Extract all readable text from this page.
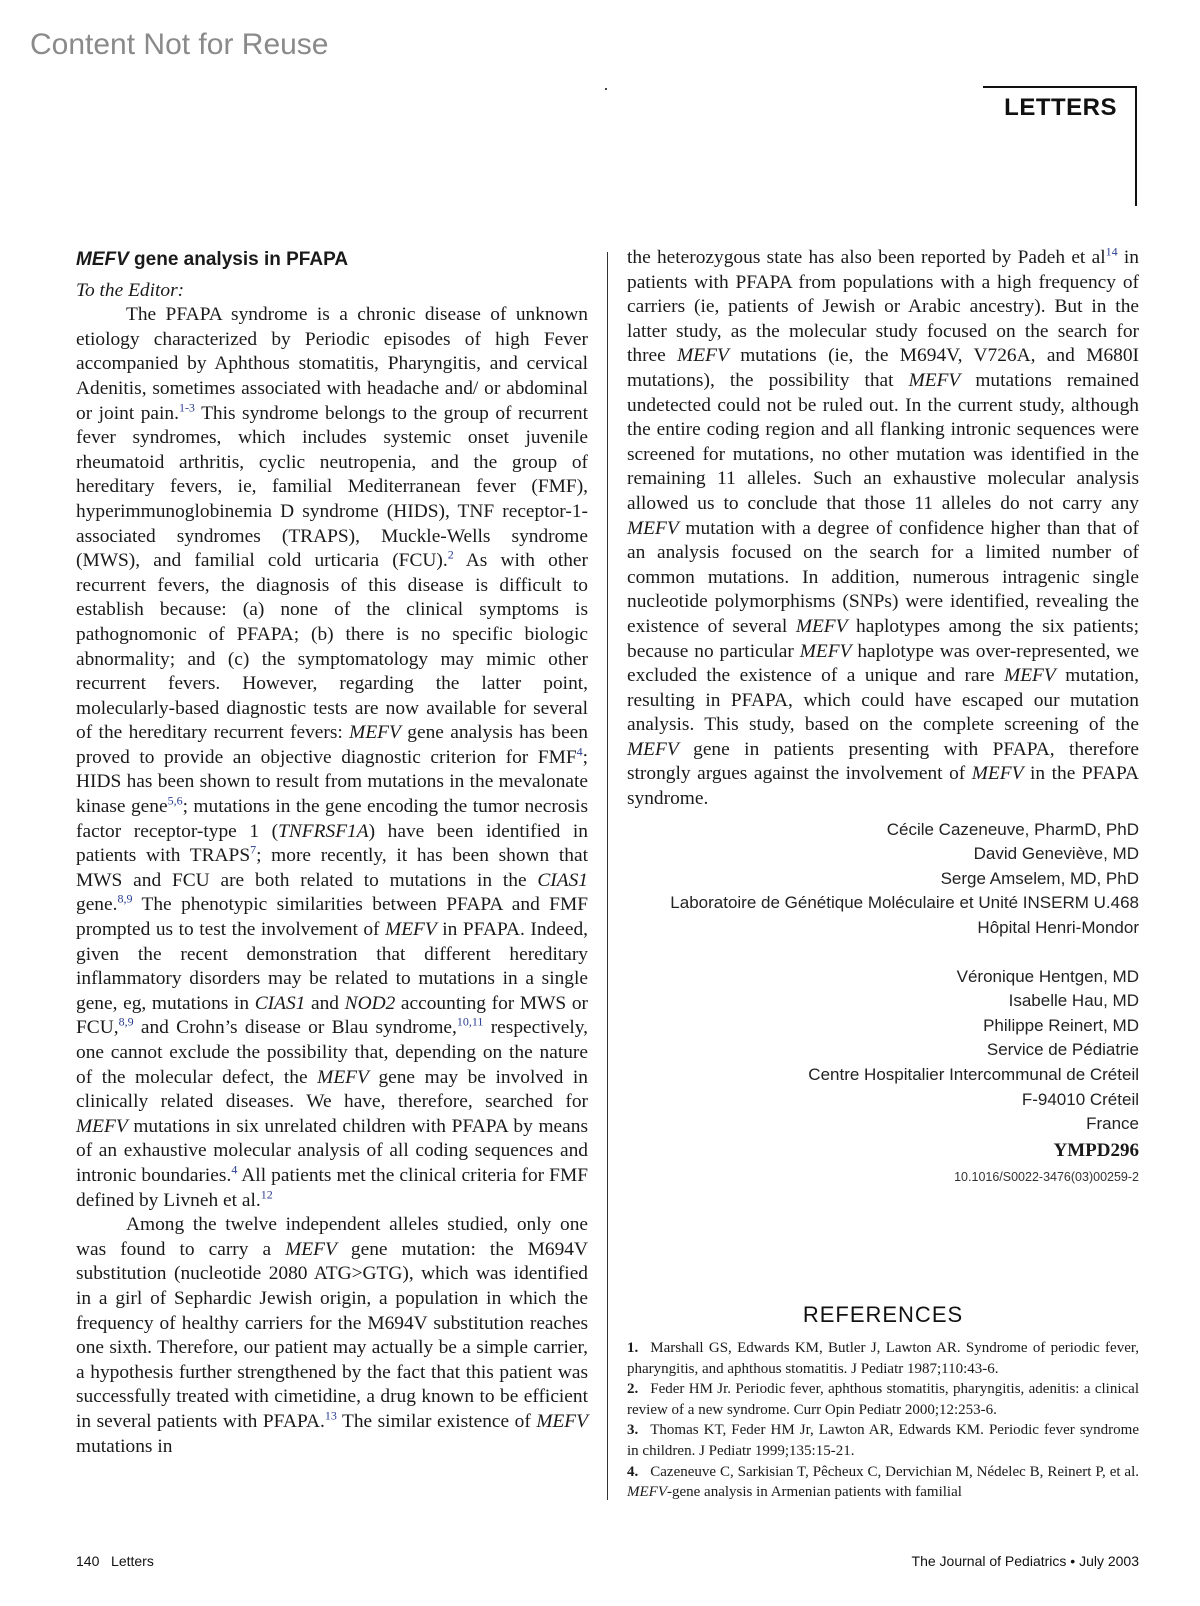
Content Not for Reuse
LETTERS
MEFV gene analysis in PFAPA

To the Editor:

The PFAPA syndrome is a chronic disease of unknown etiology characterized by Periodic episodes of high Fever accompanied by Aphthous stomatitis, Pharyngitis, and cervical Adenitis, sometimes associated with headache and/ or abdominal or joint pain.$^{1-3}$ This syndrome belongs to the group of recurrent fever syndromes, which includes systemic onset juvenile rheumatoid arthritis, cyclic neutropenia, and the group of hereditary fevers, ie, familial Mediterranean fever (FMF), hyperimmunoglobinemia D syndrome (HIDS), TNF receptor-1-associated syndromes (TRAPS), Muckle-Wells syndrome (MWS), and familial cold urticaria (FCU).$^2$ As with other recurrent fevers, the diagnosis of this disease is difficult to establish because: (a) none of the clinical symptoms is pathognomonic of PFAPA; (b) there is no specific biologic abnormality; and (c) the symptomatology may mimic other recurrent fevers. However, regarding the latter point, molecularly-based diagnostic tests are now available for several of the hereditary recurrent fevers: MEFV gene analysis has been proved to provide an objective diagnostic criterion for FMF$^4$; HIDS has been shown to result from mutations in the mevalonate kinase gene$^{5,6}$; mutations in the gene encoding the tumor necrosis factor receptor-type 1 (TNFRSF1A) have been identified in patients with TRAPS$^7$; more recently, it has been shown that MWS and FCU are both related to mutations in the CIAS1 gene.$^{8,9}$ The phenotypic similarities between PFAPA and FMF prompted us to test the involvement of MEFV in PFAPA. Indeed, given the recent demonstration that different hereditary inflammatory disorders may be related to mutations in a single gene, eg, mutations in CIAS1 and NOD2 accounting for MWS or FCU,$^{8,9}$ and Crohn’s disease or Blau syndrome,$^{10,11}$ respectively, one cannot exclude the possibility that, depending on the nature of the molecular defect, the MEFV gene may be involved in clinically related diseases. We have, therefore, searched for MEFV mutations in six unrelated children with PFAPA by means of an exhaustive molecular analysis of all coding sequences and intronic boundaries.$^4$ All patients met the clinical criteria for FMF defined by Livneh et al.$^{12}$

Among the twelve independent alleles studied, only one was found to carry a MEFV gene mutation: the M694V substitution (nucleotide 2080 ATG>GTG), which was identified in a girl of Sephardic Jewish origin, a population in which the frequency of healthy carriers for the M694V substitution reaches one sixth. Therefore, our patient may actually be a simple carrier, a hypothesis further strengthened by the fact that this patient was successfully treated with cimetidine, a drug known to be efficient in several patients with PFAPA.$^{13}$ The similar existence of MEFV mutations in

the heterozygous state has also been reported by Padeh et $al^{14}$ in patients with PFAPA from populations with a high frequency of carriers (ie, patients of Jewish or Arabic ancestry). But in the latter study, as the molecular study focused on the search for three MEFV mutations (ie, the M694V, V726A, and M680I mutations), the possibility that MEFV mutations remained undetected could not be ruled out. In the current study, although the entire coding region and all flanking intronic sequences were screened for mutations, no other mutation was identified in the remaining 11 alleles. Such an exhaustive molecular analysis allowed us to conclude that those 11 alleles do not carry any MEFV mutation with a degree of confidence higher than that of an analysis focused on the search for a limited number of common mutations. In addition, numerous intragenic single nucleotide polymorphisms (SNPs) were identified, revealing the existence of several MEFV haplotypes among the six patients; because no particular MEFV haplotype was over-represented, we excluded the existence of a unique and rare MEFV mutation, resulting in PFAPA, which could have escaped our mutation analysis. This study, based on the complete screening of the MEFV gene in patients presenting with PFAPA, therefore strongly argues against the involvement of MEFV in the PFAPA syndrome.

Cécile Cazeneuve, PharmD, PhD
David Geneviève, MD
Serge Amselem, MD, PhD
Laboratoire de Génétique Moléculaire et Unité INSERM U.468
Hôpital Henri-Mondor
Véronique Hentgen, MD
Isabelle Hau, MD
Philippe Reinert, MD
Service de Pédiatrie
Centre Hospitalier Intercommunal de Créteil
F-94010 Créteil
France
YMPD296
10.1016/S0022-3476(03)00259-2
REFERENCES
1. Marshall GS, Edwards KM, Butler J, Lawton AR. Syndrome of periodic fever, pharyngitis, and aphthous stomatitis. J Pediatr 1987;110:43-6.
2. Feder HM Jr. Periodic fever, aphthous stomatitis, pharyngitis, adenitis: a clinical review of a new syndrome. Curr Opin Pediatr 2000;12:253-6.
3. Thomas KT, Feder HM Jr, Lawton AR, Edwards KM. Periodic fever syndrome in children. J Pediatr 1999;135:15-21.
4. Cazeneuve C, Sarkisian T, Pêcheux C, Dervichian M, Nédelec B, Reinert P, et al. MEFV-gene analysis in Armenian patients with familial
140   Letters	The Journal of Pediatrics • July 2003
